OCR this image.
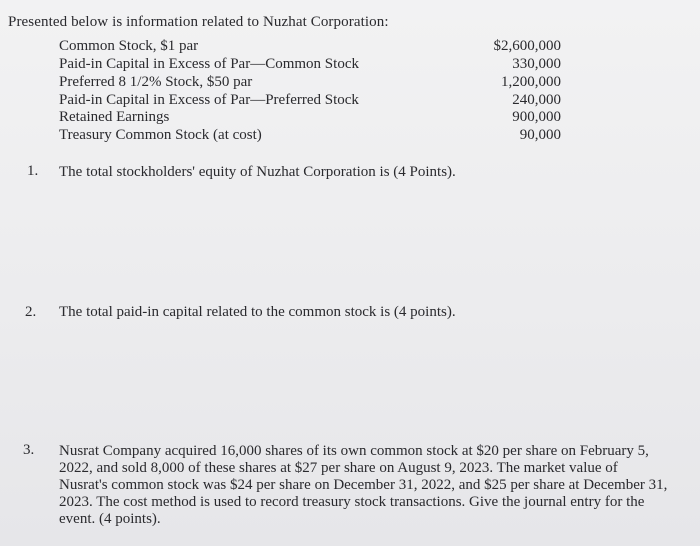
Presented below is information related to Nuzhat Corporation:
Common Stock, $1 par	$2,600,000
Paid-in Capital in Excess of Par—Common Stock	330,000
Preferred 8 1/2% Stock, $50 par	1,200,000
Paid-in Capital in Excess of Par—Preferred Stock	240,000
Retained Earnings	900,000
Treasury Common Stock (at cost)	90,000
1. The total stockholders' equity of Nuzhat Corporation is (4 Points).
2. The total paid-in capital related to the common stock is (4 points).
3. Nusrat Company acquired 16,000 shares of its own common stock at $20 per share on February 5,
2022, and sold 8,000 of these shares at $27 per share on August 9, 2023. The market value of
Nusrat's common stock was $24 per share on December 31, 2022, and $25 per share at December 31,
2023. The cost method is used to record treasury stock transactions. Give the journal entry for the
event. (4 points).
